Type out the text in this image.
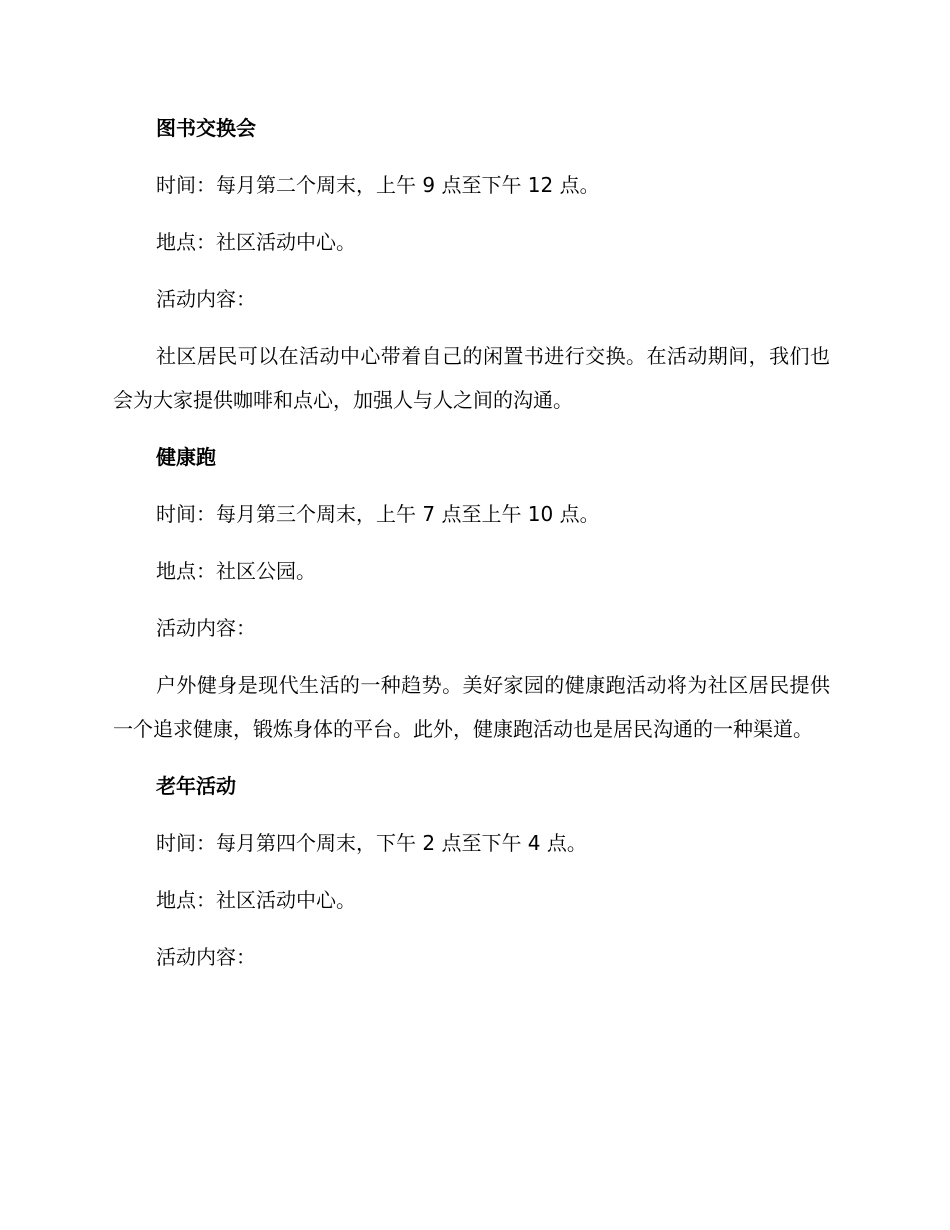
图书交换会
时间：每月第二个周末，上午 9 点至下午 12 点。
地点：社区活动中心。
活动内容：
社区居民可以在活动中心带着自己的闲置书进行交换。在活动期间，我们也会为大家提供咖啡和点心，加强人与人之间的沟通。
健康跑
时间：每月第三个周末，上午 7 点至上午 10 点。
地点：社区公园。
活动内容：
户外健身是现代生活的一种趋势。美好家园的健康跑活动将为社区居民提供一个追求健康，锻炼身体的平台。此外，健康跑活动也是居民沟通的一种渠道。
老年活动
时间：每月第四个周末，下午 2 点至下午 4 点。
地点：社区活动中心。
活动内容：
